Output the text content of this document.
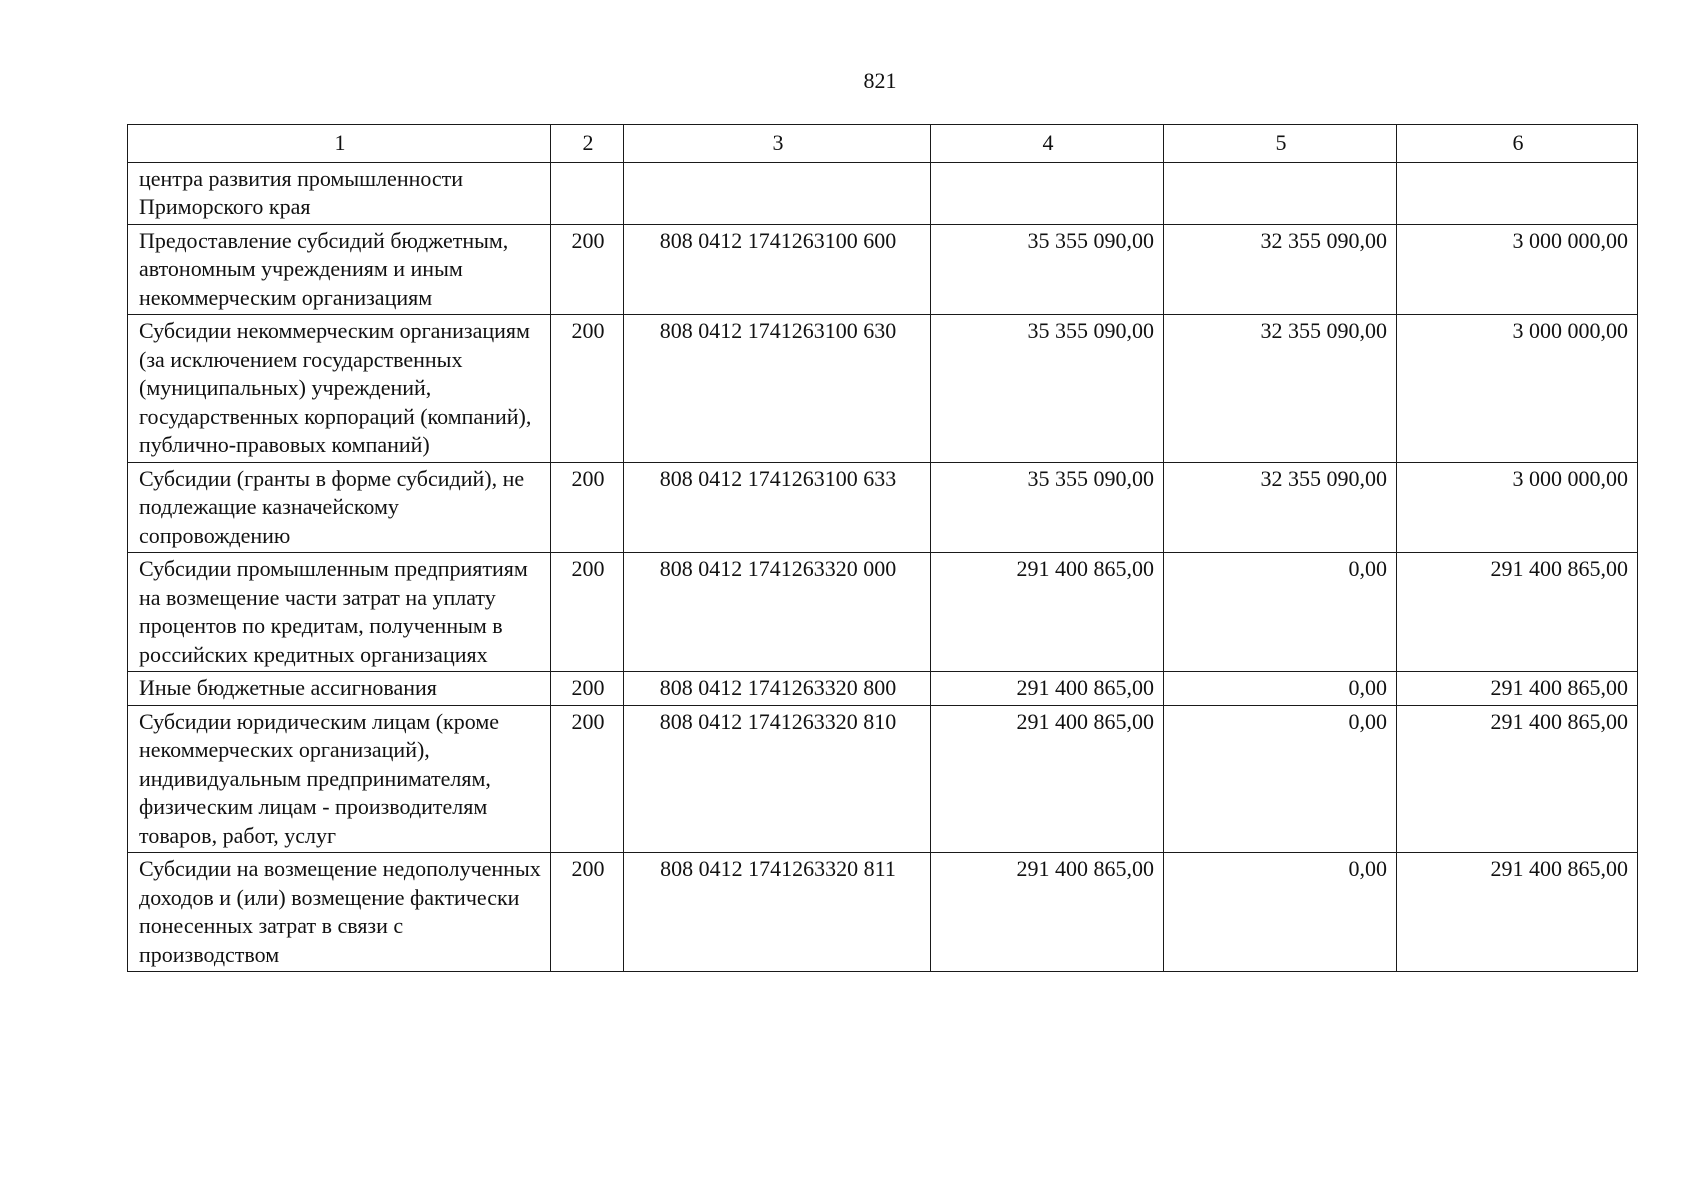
821
1	2	3	4	5	6
центра развития промышленности Приморского края					
Предоставление субсидий бюджетным, автономным учреждениям и иным некоммерческим организациям	200	808 0412 1741263100 600	35 355 090,00	32 355 090,00	3 000 000,00
Субсидии некоммерческим организациям (за исключением государственных (муниципальных) учреждений, государственных корпораций (компаний), публично-правовых компаний)	200	808 0412 1741263100 630	35 355 090,00	32 355 090,00	3 000 000,00
Субсидии (гранты в форме субсидий), не подлежащие казначейскому сопровождению	200	808 0412 1741263100 633	35 355 090,00	32 355 090,00	3 000 000,00
Субсидии промышленным предприятиям на возмещение части затрат на уплату процентов по кредитам, полученным в российских кредитных организациях	200	808 0412 1741263320 000	291 400 865,00	0,00	291 400 865,00
Иные бюджетные ассигнования	200	808 0412 1741263320 800	291 400 865,00	0,00	291 400 865,00
Субсидии юридическим лицам (кроме некоммерческих организаций), индивидуальным предпринимателям, физическим лицам - производителям товаров, работ, услуг	200	808 0412 1741263320 810	291 400 865,00	0,00	291 400 865,00
Субсидии на возмещение недополученных доходов и (или) возмещение фактически понесенных затрат в связи с производством	200	808 0412 1741263320 811	291 400 865,00	0,00	291 400 865,00
